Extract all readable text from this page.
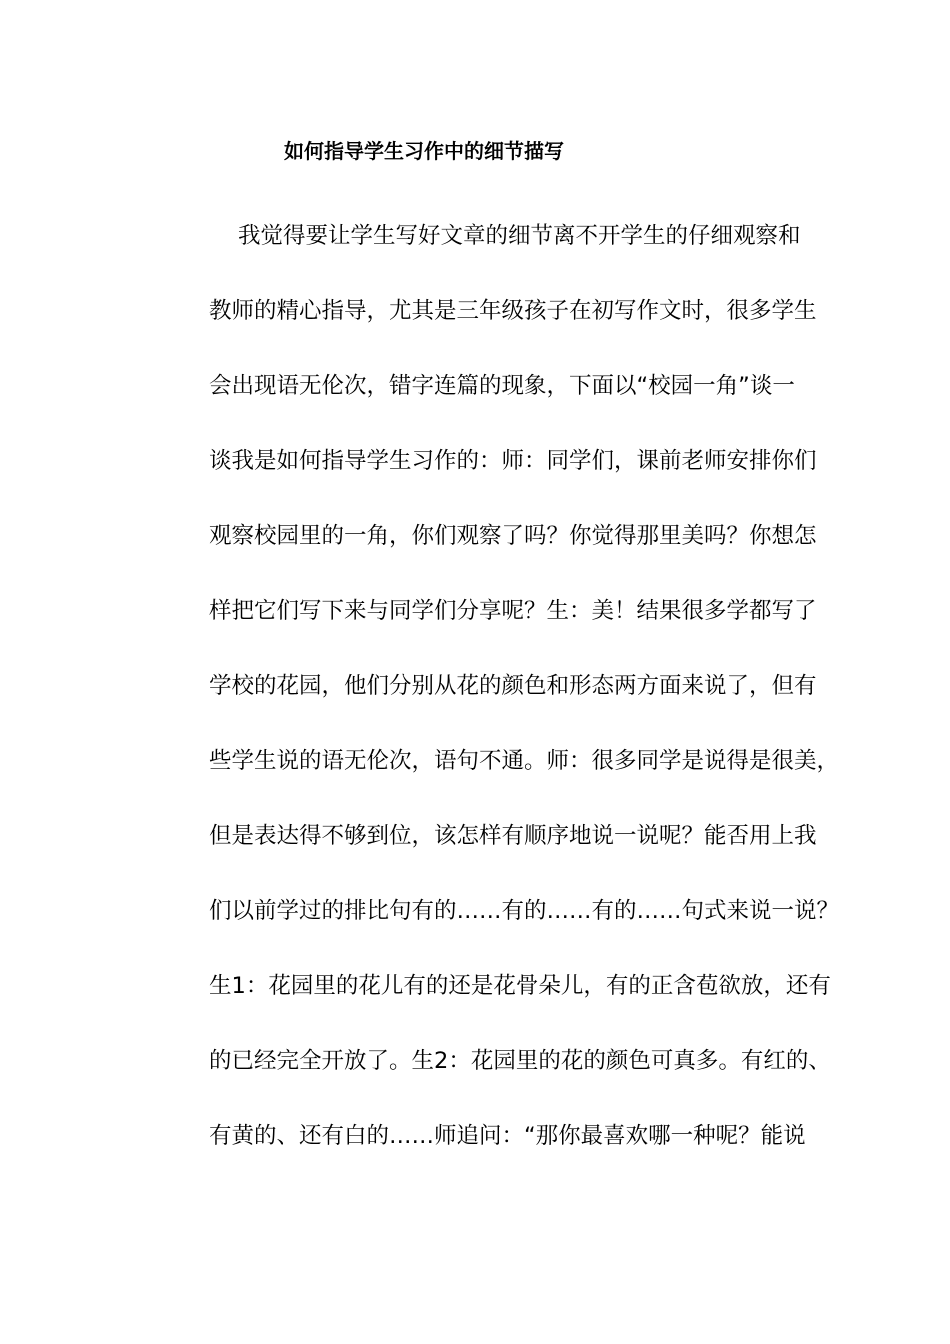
如何指导学生习作中的细节描写
我觉得要让学生写好文章的细节离不开学生的仔细观察和
教师的精心指导，尤其是三年级孩子在初写作文时，很多学生
会出现语无伦次，错字连篇的现象，下面以“校园一角”谈一
谈我是如何指导学生习作的：师：同学们，课前老师安排你们
观察校园里的一角，你们观察了吗？你觉得那里美吗？你想怎
样把它们写下来与同学们分享呢？生：美！结果很多学都写了
学校的花园，他们分别从花的颜色和形态两方面来说了，但有
些学生说的语无伦次，语句不通。师：很多同学是说得是很美，
但是表达得不够到位，该怎样有顺序地说一说呢？能否用上我
们以前学过的排比句有的……有的……有的……句式来说一说？
生1：花园里的花儿有的还是花骨朵儿，有的正含苞欲放，还有
的已经完全开放了。生2：花园里的花的颜色可真多。有红的、
有黄的、还有白的……师追问：“那你最喜欢哪一种呢？能说
